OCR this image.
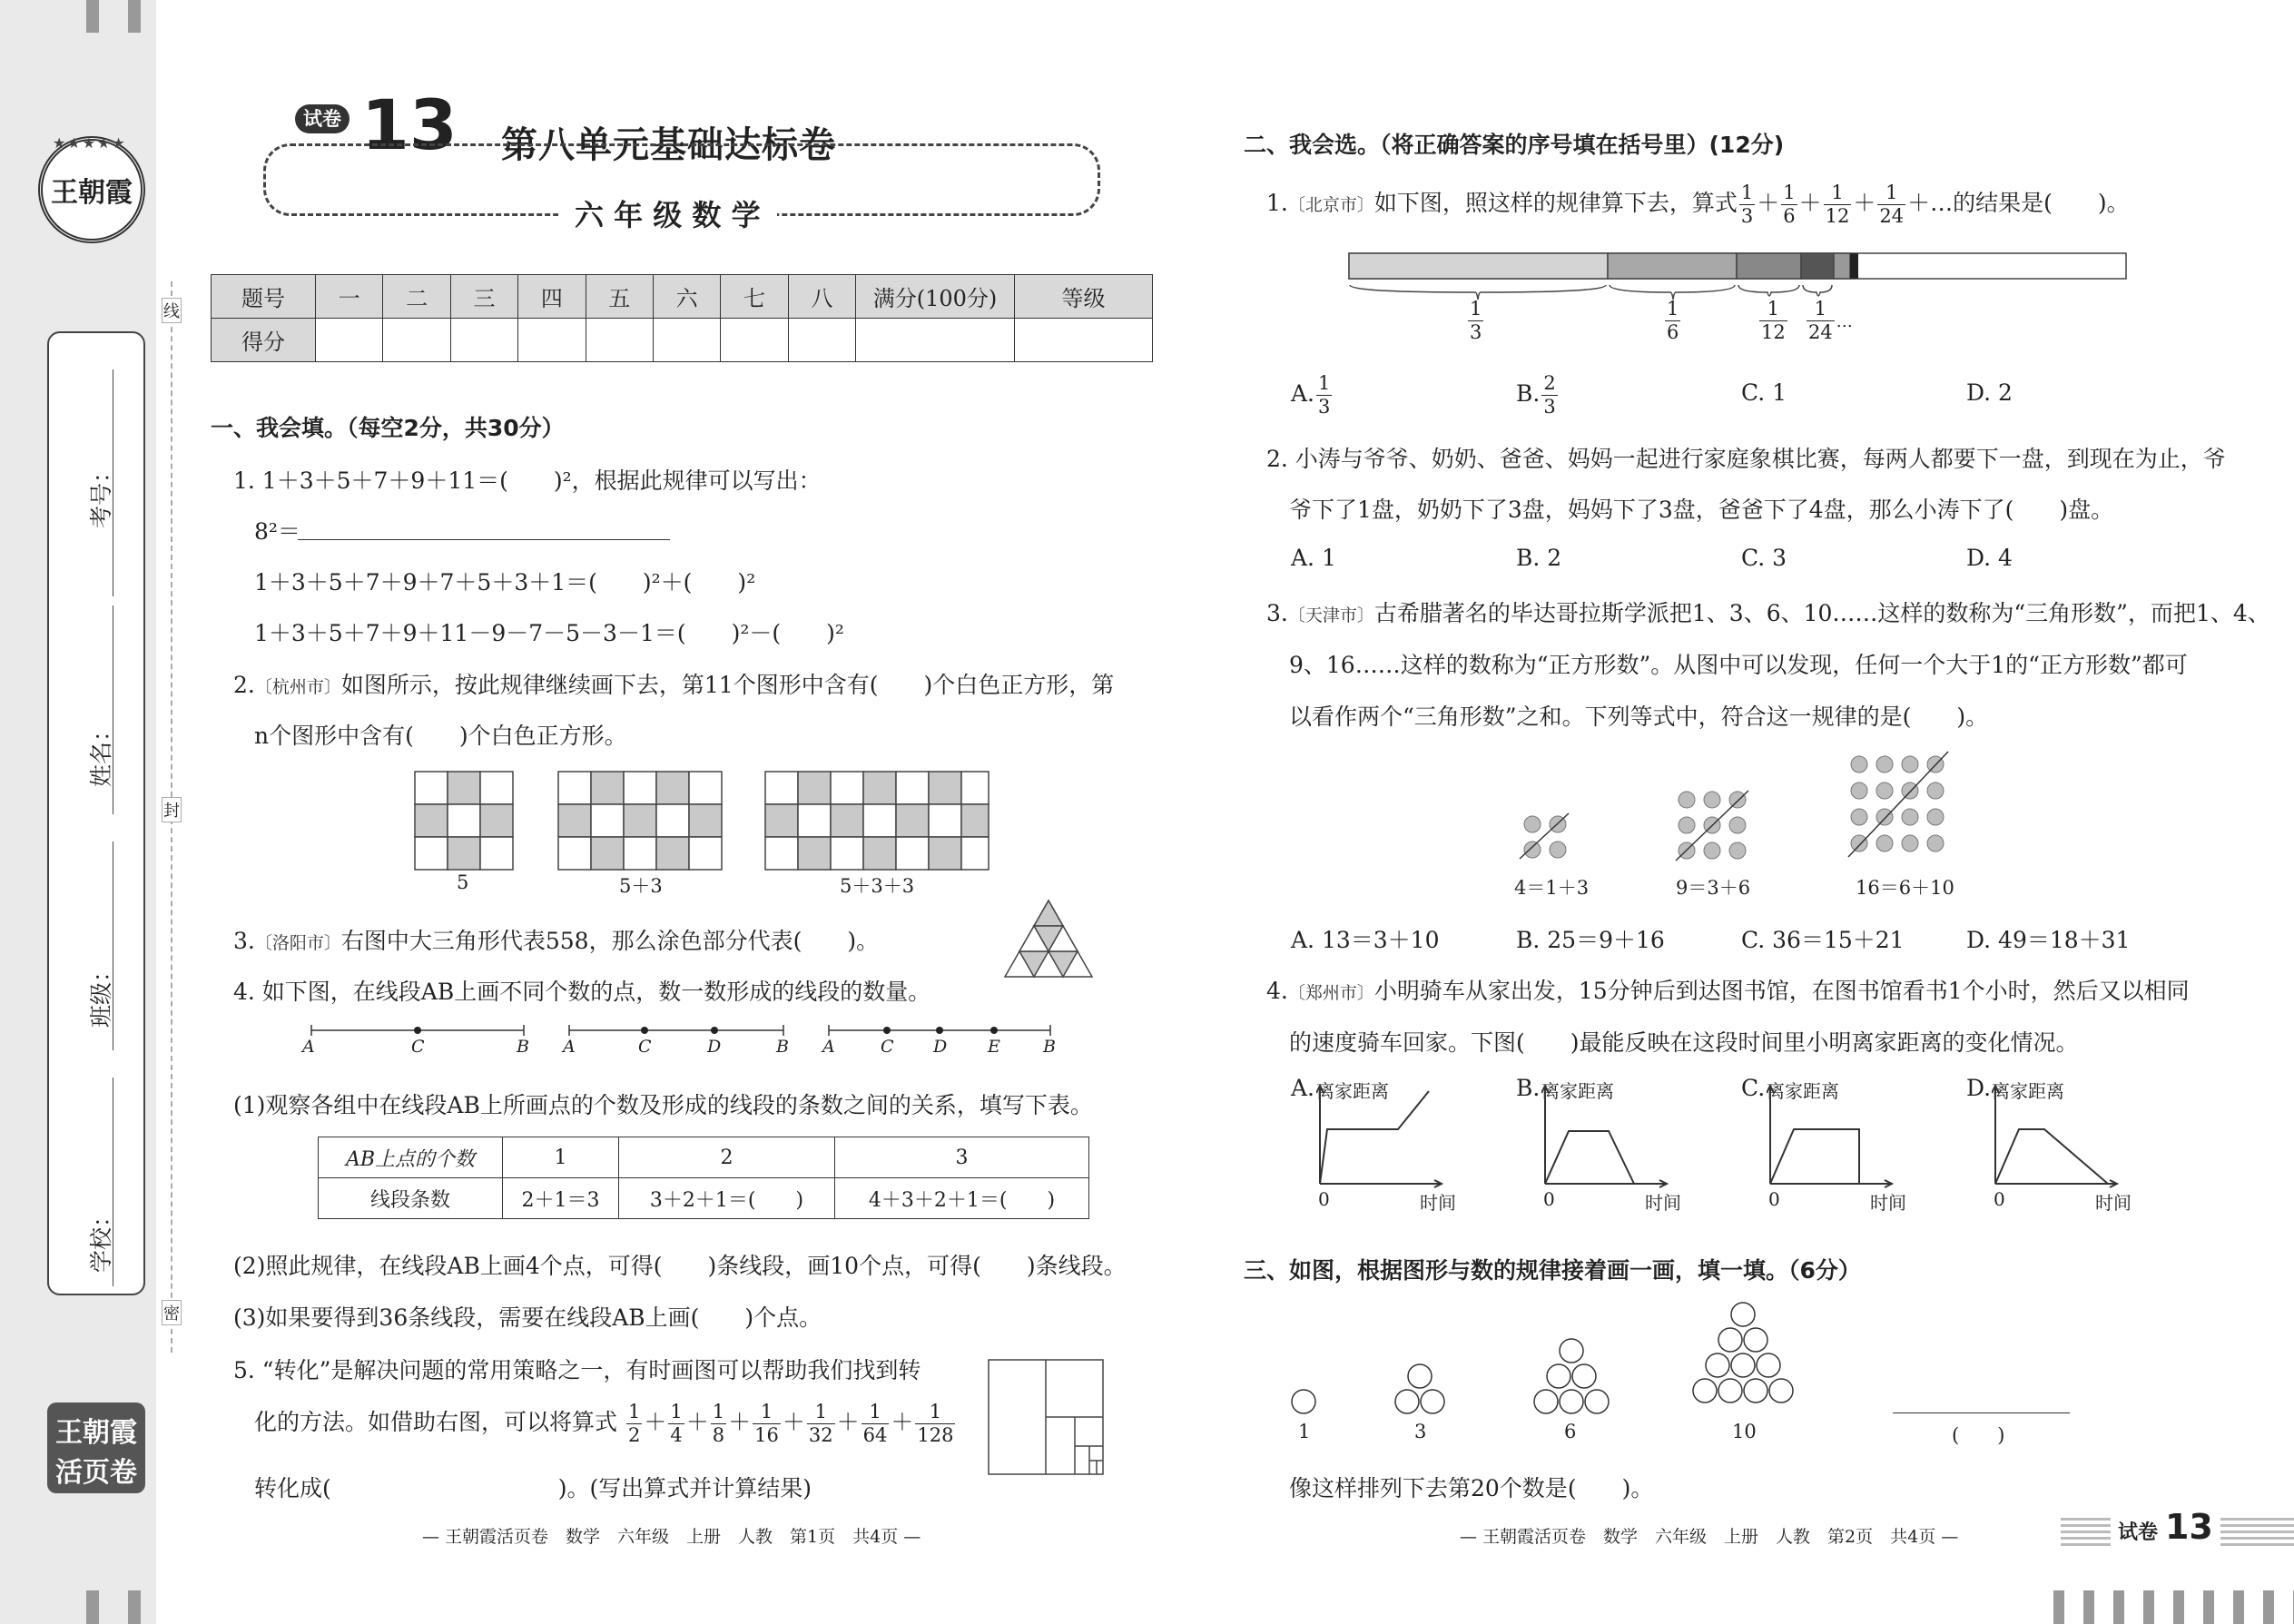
王朝霞
★★★★★
考号：
姓名：
班级：
学校：
线
封
密
王朝霞
活页卷
试卷 13 第八单元基础达标卷
六 年 级 数 学
题号	一	二	三	四	五	六	七	八	满分(100分)	等级
得分										
一、我会填。（每空2分，共30分）
1. 1＋3＋5＋7＋9＋11＝(　　)²，根据此规律可以写出：
8²＝
1＋3＋5＋7＋9＋7＋5＋3＋1＝(　　)²＋(　　)²
1＋3＋5＋7＋9＋11－9－7－5－3－1＝(　　)²－(　　)²
2.〔杭州市〕如图所示，按此规律继续画下去，第11个图形中含有(　　)个白色正方形，第
n个图形中含有(　　)个白色正方形。
5	5＋3	5＋3＋3
3.〔洛阳市〕右图中大三角形代表558，那么涂色部分代表(　　)。
4. 如下图，在线段AB上画不同个数的点，数一数形成的线段的数量。
A	C	B A	C	D	B A	C D E B
(1)观察各组中在线段AB上所画点的个数及形成的线段的条数之间的关系，填写下表。
AB上点的个数	1	2	3
线段条数	2＋1＝3	3＋2＋1＝(　　)	4＋3＋2＋1＝(　　)
(2)照此规律，在线段AB上画4个点，可得(　　)条线段，画10个点，可得(　　)条线段。
(3)如果要得到36条线段，需要在线段AB上画(　　)个点。
5. “转化”是解决问题的常用策略之一，有时画图可以帮助我们找到转
化的方法。如借助右图，可以将算式 $\frac{1}{2} + \frac{1}{4} + \frac{1}{8} + \frac{1}{16} + \frac{1}{32} + \frac{1}{64} + \frac{1}{128}$
转化成(　　　　　　　　　　)。(写出算式并计算结果)
— 王朝霞活页卷　数学　六年级　上册　人教　第1页　共4页 —
二、我会选。（将正确答案的序号填在括号里）(12分)
1.〔北京市〕如下图，照这样的规律算下去，算式 $\frac{1}{3} + \frac{1}{6} + \frac{1}{12} + \frac{1}{24}$ ＋…的结果是(　　)。
$\frac{1}{3}$	$\frac{1}{6}$	$\frac{1}{12} \frac{1}{24}$ …
A. $\frac{1}{3}$	B. $\frac{2}{3}$	C. 1	D. 2
2. 小涛与爷爷、奶奶、爸爸、妈妈一起进行家庭象棋比赛，每两人都要下一盘，到现在为止，爷
爷下了1盘，奶奶下了3盘，妈妈下了3盘，爸爸下了4盘，那么小涛下了(　　)盘。
A. 1	B. 2	C. 3	D. 4
3.〔天津市〕古希腊著名的毕达哥拉斯学派把1、3、6、10……这样的数称为“三角形数”，而把1、4、
9、16……这样的数称为“正方形数”。从图中可以发现，任何一个大于1的“正方形数”都可
以看作两个“三角形数”之和。下列等式中，符合这一规律的是(　　)。
4＝1＋3	9＝3＋6	16＝6＋10
A. 13＝3＋10	B. 25＝9＋16	C. 36＝15＋21	D. 49＝18＋31
4.〔郑州市〕小明骑车从家出发，15分钟后到达图书馆，在图书馆看书1个小时，然后又以相同
的速度骑车回家。下图(　　)最能反映在这段时间里小明离家距离的变化情况。
A. 离家距离
0	时间
B. 离家距离
0	时间
C. 离家距离
0	时间
D. 离家距离
0	时间
三、如图，根据图形与数的规律接着画一画，填一填。（6分）
1	3	6	10	(　　)
像这样排列下去第20个数是(　　)。
— 王朝霞活页卷　数学　六年级　上册　人教　第2页　共4页 —	试卷 13
